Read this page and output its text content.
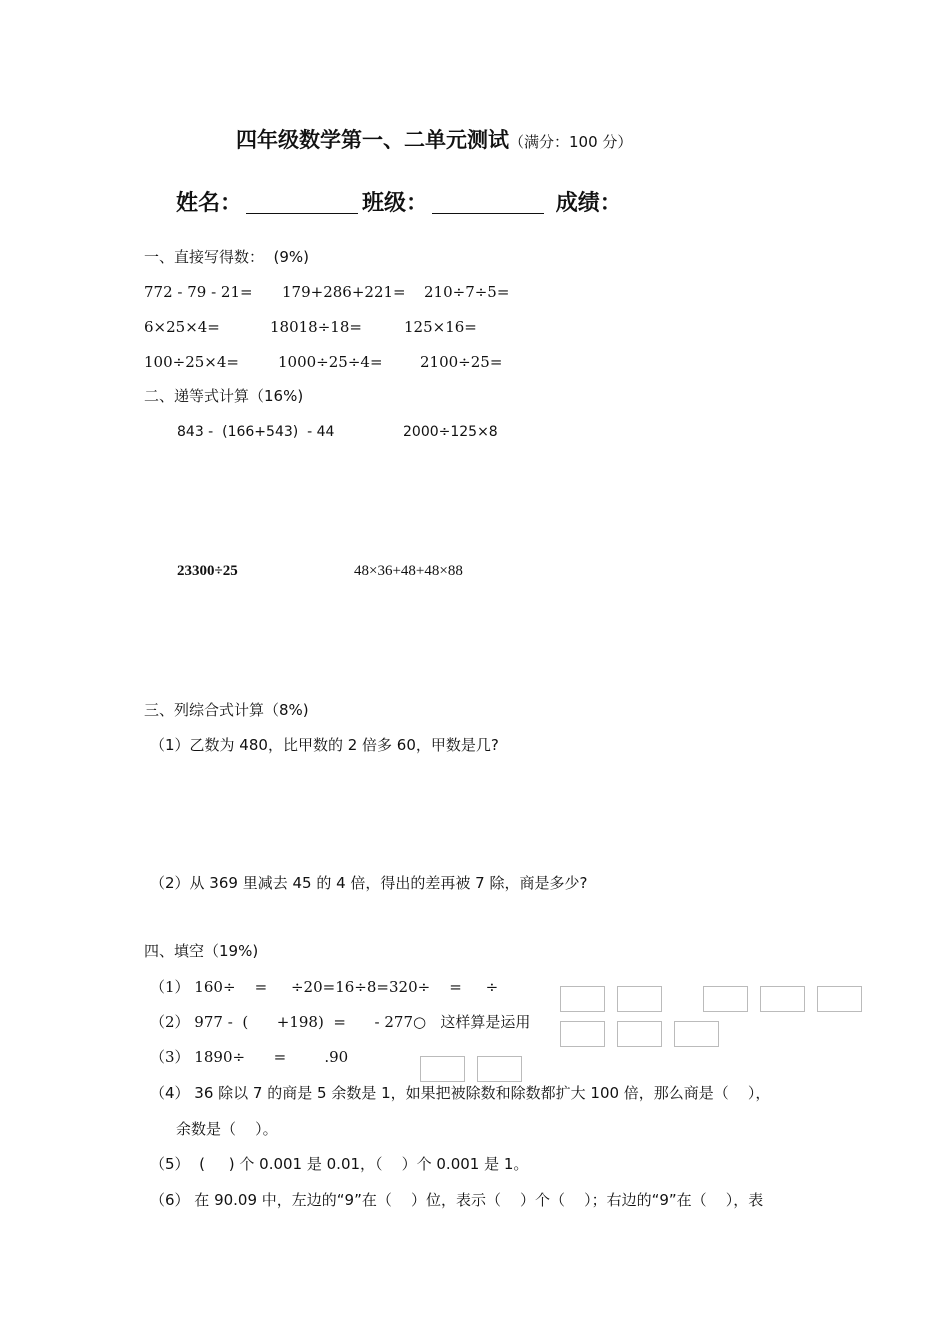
四年级数学第一、二单元测试（满分：100 分）
姓名：	班级：	成绩：
一、直接写得数：  (9%)
772 - 79 - 21= 179+286+221= 210÷7÷5=
6×25×4=	18018÷18=	125×16=
100÷25×4=	1000÷25÷4= 2100÷25=
二、递等式计算（16%)
843 -  (166+543)  - 44	2000÷125×8
23300÷25	48×36+48+48×88
三、列综合式计算（8%)
（1）乙数为 480，比甲数的 2 倍多 60，甲数是几?
（2）从 369 里减去 45 的 4 倍，得出的差再被 7 除，商是多少?
四、填空（19%)
（1） 160÷    =     ÷20=16÷8=320÷    =     ÷
（2） 977 -  (      +198)  =      - 277○   这样算是运用
（3） 1890÷      =        .90
（4） 36 除以 7 的商是 5 余数是 1，如果把被除数和除数都扩大 100 倍，那么商是（    ），
余数是（    ）。
（5）  (     ) 个 0.001 是 0.01，（    ）个 0.001 是 1。
（6） 在 90.09 中，左边的“9”在（    ）位，表示（    ）个（    ）；右边的“9”在（    ），表
